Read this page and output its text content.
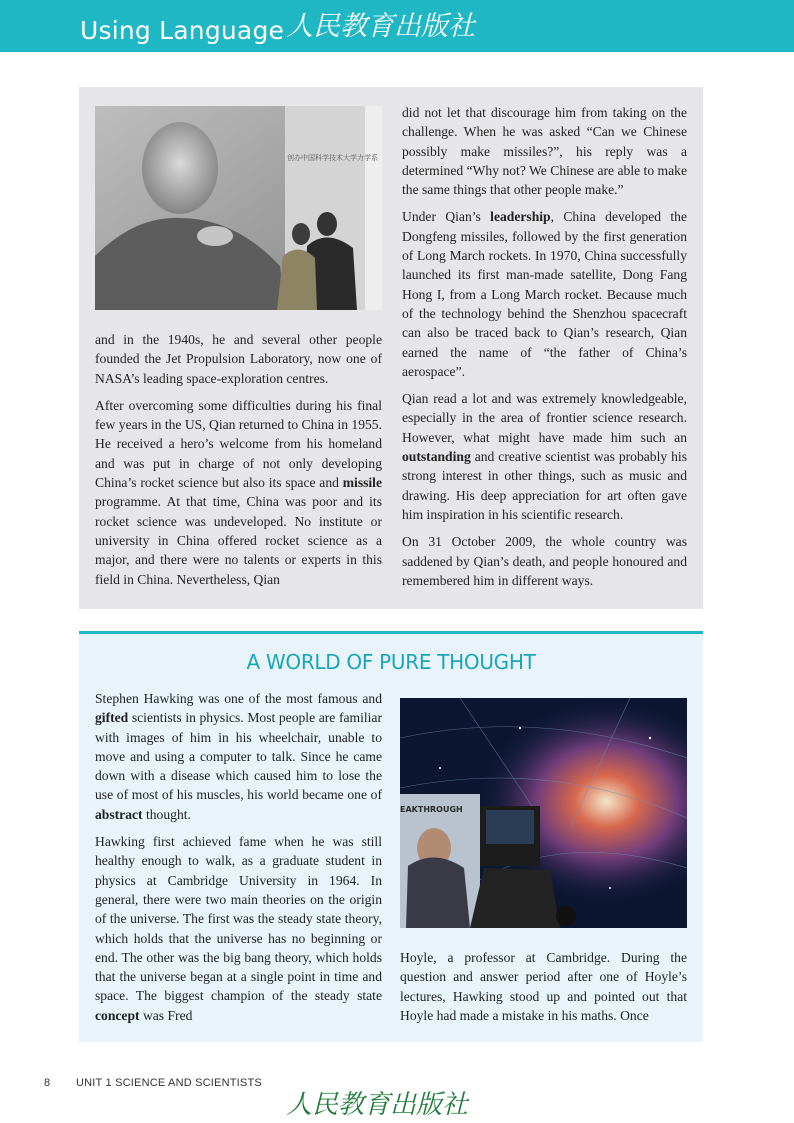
Using Language 人民教育出版社
创办中国科学技术大学力学系

and in the 1940s, he and several other people founded the Jet Propulsion Laboratory, now one of NASA’s leading space-exploration centres.

After overcoming some difficulties during his final few years in the US, Qian returned to China in 1955. He received a hero’s welcome from his homeland and was put in charge of not only developing China’s rocket science but also its space and missile programme. At that time, China was poor and its rocket science was undeveloped. No institute or university in China offered rocket science as a major, and there were no talents or experts in this field in China. Nevertheless, Qian

did not let that discourage him from taking on the challenge. When he was asked “Can we Chinese possibly make missiles?”, his reply was a determined “Why not? We Chinese are able to make the same things that other people make.”

Under Qian’s leadership, China developed the Dongfeng missiles, followed by the first generation of Long March rockets. In 1970, China successfully launched its first man-made satellite, Dong Fang Hong I, from a Long March rocket. Because much of the technology behind the Shenzhou spacecraft can also be traced back to Qian’s research, Qian earned the name of “the father of China’s aerospace”.

Qian read a lot and was extremely knowledgeable, especially in the area of frontier science research. However, what might have made him such an outstanding and creative scientist was probably his strong interest in other things, such as music and drawing. His deep appreciation for art often gave him inspiration in his scientific research.

On 31 October 2009, the whole country was saddened by Qian’s death, and people honoured and remembered him in different ways.

A WORLD OF PURE THOUGHT

Stephen Hawking was one of the most famous and gifted scientists in physics. Most people are familiar with images of him in his wheelchair, unable to move and using a computer to talk. Since he came down with a disease which caused him to lose the use of most of his muscles, his world became one of abstract thought.

Hawking first achieved fame when he was still healthy enough to walk, as a graduate student in physics at Cambridge University in 1964. In general, there were two main theories on the origin of the universe. The first was the steady state theory, which holds that the universe has no beginning or end. The other was the big bang theory, which holds that the universe began at a single point in time and space. The biggest champion of the steady state concept was Fred

EAKTHROUGH

Hoyle, a professor at Cambridge. During the question and answer period after one of Hoyle’s lectures, Hawking stood up and pointed out that Hoyle had made a mistake in his maths. Once

8 UNIT 1 SCIENCE AND SCIENTISTS
人民教育出版社
